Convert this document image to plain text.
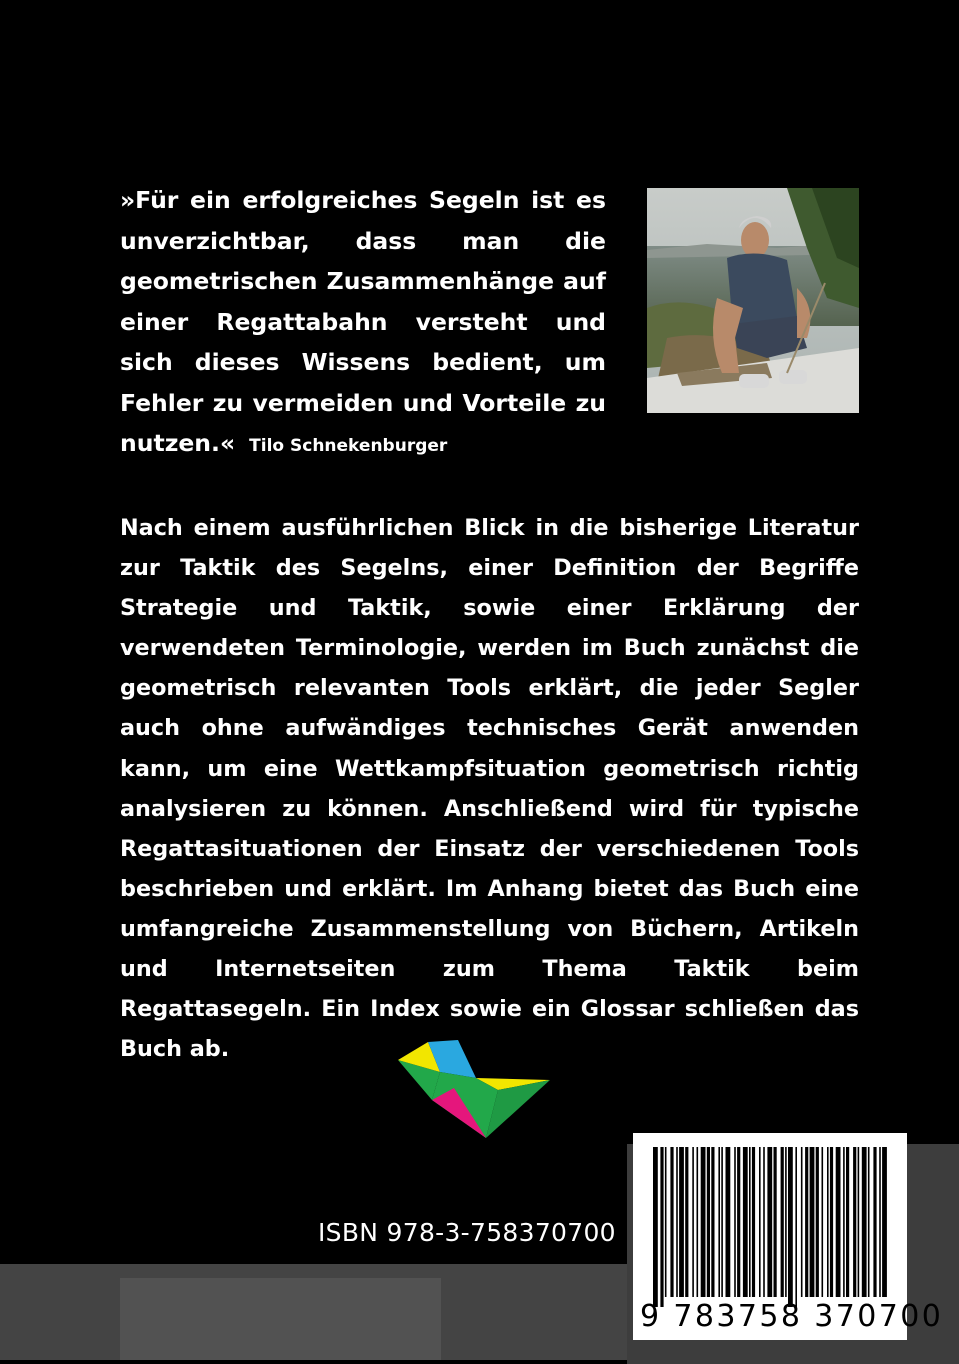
»Für ein erfolgreiches Segeln ist es unverzichtbar, dass man die geometrischen Zusammenhänge auf einer Regattabahn versteht und sich dieses Wissens bedient, um Fehler zu vermeiden und Vorteile zu nutzen.« Tilo Schnekenburger

Nach einem ausführlichen Blick in die bisherige Literatur zur Taktik des Segelns, einer Definition der Begriffe Strategie und Taktik, sowie einer Erklärung der verwendeten Terminologie, werden im Buch zunächst die geometrisch relevanten Tools erklärt, die jeder Segler auch ohne aufwändiges technisches Gerät anwenden kann, um eine Wettkampfsituation geometrisch richtig analysieren zu können. Anschließend wird für typische Regattasituationen der Einsatz der verschiedenen Tools beschrieben und erklärt. Im Anhang bietet das Buch eine umfangreiche Zusammenstellung von Büchern, Artikeln und Internetseiten zum Thema Taktik beim Regattasegeln. Ein Index sowie ein Glossar schließen das Buch ab.

ISBN 978-3-758370700
9 783758 370700
